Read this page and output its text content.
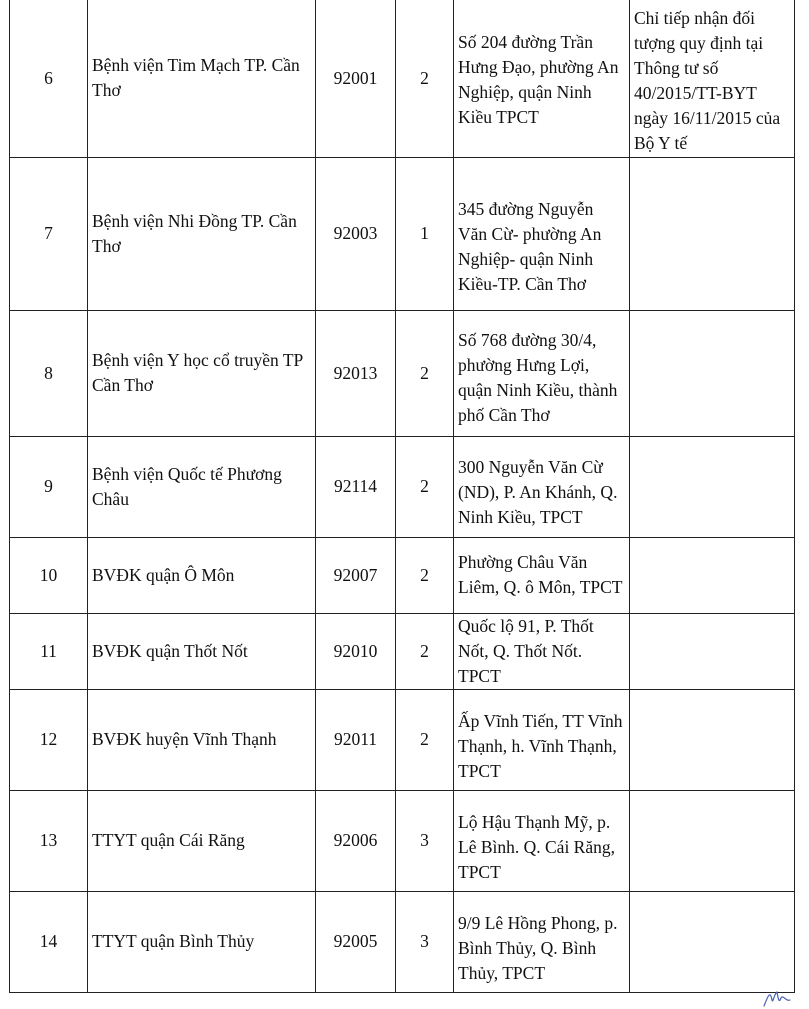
6	Bệnh viện Tim Mạch TP. Cần Thơ	92001	2	Số 204 đường Trần Hưng Đạo, phường An Nghiệp, quận Ninh Kiều TPCT	Chỉ tiếp nhận đối tượng quy định tại Thông tư số 40/2015/TT-BYT ngày 16/11/2015 của Bộ Y tế
7	Bệnh viện Nhi Đồng TP. Cần Thơ	92003	1	345 đường Nguyễn Văn Cừ- phường An Nghiệp- quận Ninh Kiều-TP. Cần Thơ	
8	Bệnh viện Y học cổ truyền TP Cần Thơ	92013	2	Số 768 đường 30/4, phường Hưng Lợi, quận Ninh Kiều, thành phố Cần Thơ	
9	Bệnh viện Quốc tế Phương Châu	92114	2	300 Nguyễn Văn Cừ (ND), P. An Khánh, Q. Ninh Kiều, TPCT	
10	BVĐK quận Ô Môn	92007	2	Phường Châu Văn Liêm, Q. ô Môn, TPCT	
11	BVĐK quận Thốt Nốt	92010	2	Quốc lộ 91, P. Thốt Nốt, Q. Thốt Nốt. TPCT	
12	BVĐK huyện Vĩnh Thạnh	92011	2	Ấp Vĩnh Tiến, TT Vĩnh Thạnh, h. Vĩnh Thạnh, TPCT	
13	TTYT quận Cái Răng	92006	3	Lộ Hậu Thạnh Mỹ, p. Lê Bình. Q. Cái Răng, TPCT	
14	TTYT quận Bình Thủy	92005	3	9/9 Lê Hồng Phong, p. Bình Thủy, Q. Bình Thủy, TPCT	
